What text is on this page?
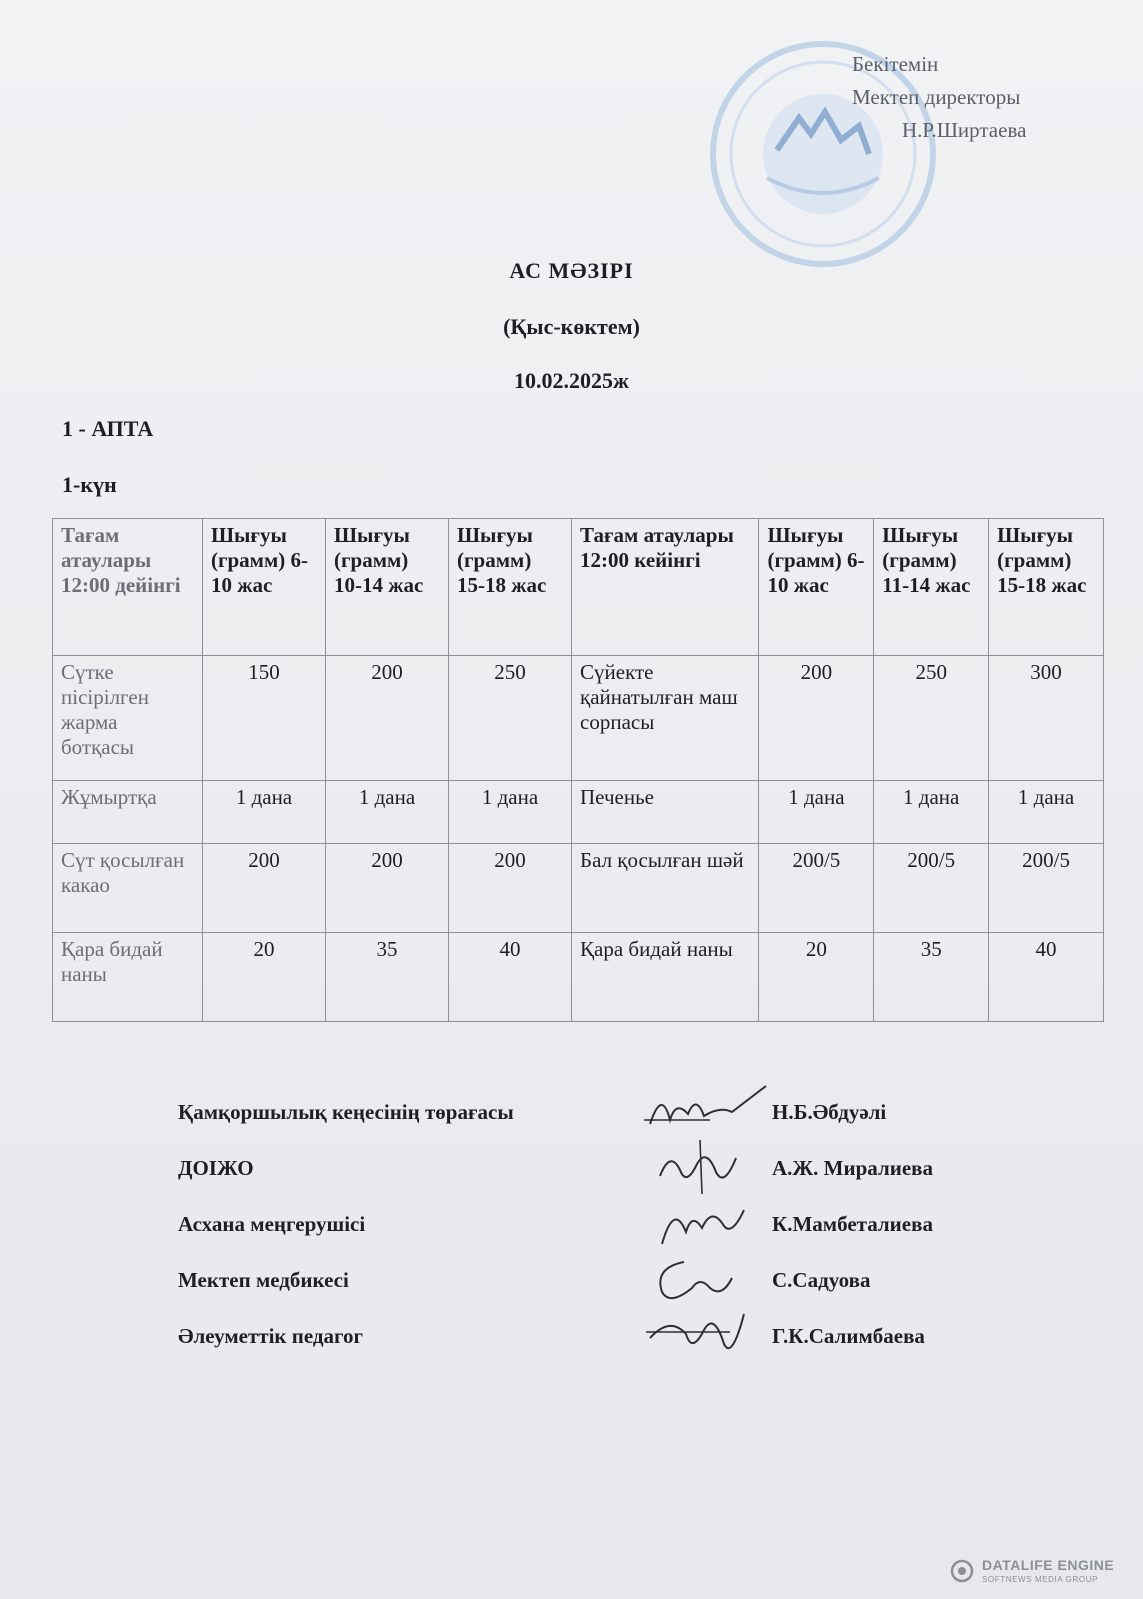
Бекітемін
Мектеп директоры
Н.Р.Ширтаева
АС МӘЗІРІ
(Қыс-көктем)
10.02.2025ж
1 - АПТА
1-күн
Тағам атаулары 12:00 дейінгі	Шығуы (грамм) 6-10 жас	Шығуы (грамм) 10-14 жас	Шығуы (грамм) 15-18 жас	Тағам атаулары 12:00 кейінгі	Шығуы (грамм) 6-10 жас	Шығуы (грамм) 11-14 жас	Шығуы (грамм) 15-18 жас
Сүтке пісірілген жарма ботқасы	150	200	250	Сүйекте қайнатылған маш сорпасы	200	250	300
Жұмыртқа	1 дана	1 дана	1 дана	Печенье	1 дана	1 дана	1 дана
Сүт қосылған какао	200	200	200	Бал қосылған шәй	200/5	200/5	200/5
Қара бидай наны	20	35	40	Қара бидай наны	20	35	40
Қамқоршылық кеңесінің төрағасы	Н.Б.Әбдуәлі
ДОІЖО	А.Ж. Миралиева
Асхана меңгерушісі	К.Мамбеталиева
Мектеп медбикесі	С.Садуова
Әлеуметтік педагог	Г.К.Салимбаева
DATALIFE ENGINE
SOFTNEWS MEDIA GROUP
